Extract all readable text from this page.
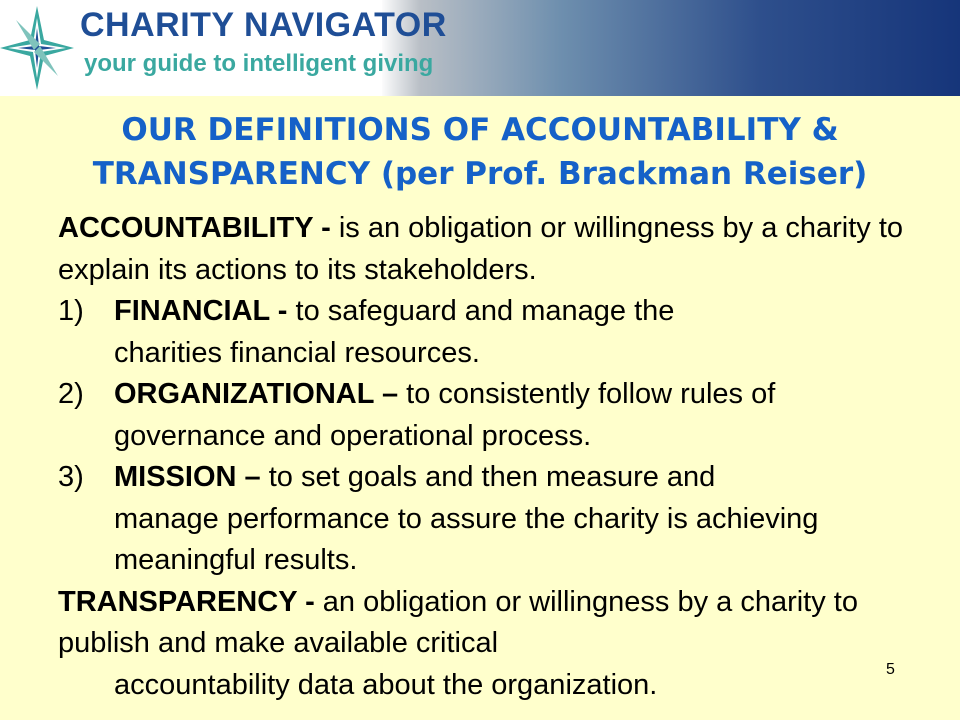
CHARITY NAVIGATOR
your guide to intelligent giving
OUR DEFINITIONS OF ACCOUNTABILITY & TRANSPARENCY (per Prof. Brackman Reiser)

ACCOUNTABILITY - is an obligation or willingness by a charity to explain its actions to its stakeholders.

1) FINANCIAL - to safeguard and manage the
charities financial resources.

2) ORGANIZATIONAL – to consistently follow rules of
governance and operational process.

3) MISSION – to set goals and then measure and
manage performance to assure the charity is achieving meaningful results.

TRANSPARENCY - an obligation or willingness by a charity to publish and make available critical
accountability data about the organization.	5
